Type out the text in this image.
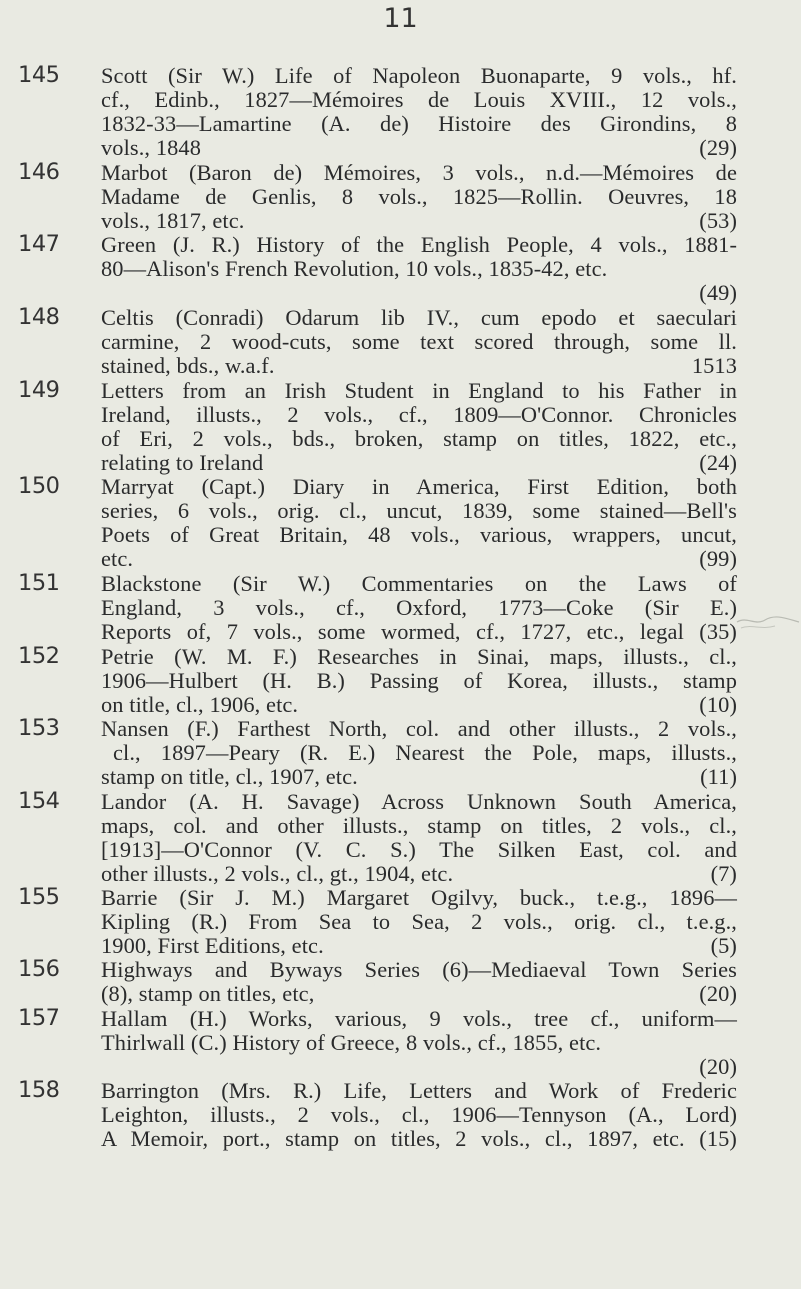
11
145 Scott (Sir W.) Life of Napoleon Buonaparte, 9 vols., hf.
cf., Edinb., 1827—Mémoires de Louis XVIII., 12 vols.,
1832-33—Lamartine (A. de) Histoire des Girondins, 8
vols., 1848	(29)
146 Marbot (Baron de) Mémoires, 3 vols., n.d.—Mémoires de
Madame de Genlis, 8 vols., 1825—Rollin. Oeuvres, 18
vols., 1817, etc.	(53)
147 Green (J. R.) History of the English People, 4 vols., 1881-
80—Alison's French Revolution, 10 vols., 1835-42, etc.
(49)
148 Celtis (Conradi) Odarum lib IV., cum epodo et saeculari
carmine, 2 wood-cuts, some text scored through, some ll.
stained, bds., w.a.f.	1513
149 Letters from an Irish Student in England to his Father in
Ireland, illusts., 2 vols., cf., 1809—O'Connor. Chronicles
of Eri, 2 vols., bds., broken, stamp on titles, 1822, etc.,
relating to Ireland	(24)
150 Marryat (Capt.) Diary in America, First Edition, both
series, 6 vols., orig. cl., uncut, 1839, some stained—Bell's
Poets of Great Britain, 48 vols., various, wrappers, uncut,
etc.	(99)
151 Blackstone (Sir W.) Commentaries on the Laws of
England, 3 vols., cf., Oxford, 1773—Coke (Sir E.)
Reports of, 7 vols., some wormed, cf., 1727, etc., legal (35)
152 Petrie (W. M. F.) Researches in Sinai, maps, illusts., cl.,
1906—Hulbert (H. B.) Passing of Korea, illusts., stamp
on title, cl., 1906, etc.	(10)
153 Nansen (F.) Farthest North, col. and other illusts., 2 vols.,
cl., 1897—Peary (R. E.) Nearest the Pole, maps, illusts.,
stamp on title, cl., 1907, etc.	(11)
154 Landor (A. H. Savage) Across Unknown South America,
maps, col. and other illusts., stamp on titles, 2 vols., cl.,
[1913]—O'Connor (V. C. S.) The Silken East, col. and
other illusts., 2 vols., cl., gt., 1904, etc.	(7)
155 Barrie (Sir J. M.) Margaret Ogilvy, buck., t.e.g., 1896—
Kipling (R.) From Sea to Sea, 2 vols., orig. cl., t.e.g.,
1900, First Editions, etc.	(5)
156 Highways and Byways Series (6)—Mediaeval Town Series
(8), stamp on titles, etc,	(20)
157 Hallam (H.) Works, various, 9 vols., tree cf., uniform—
Thirlwall (C.) History of Greece, 8 vols., cf., 1855, etc.
(20)
158 Barrington (Mrs. R.) Life, Letters and Work of Frederic
Leighton, illusts., 2 vols., cl., 1906—Tennyson (A., Lord)
A Memoir, port., stamp on titles, 2 vols., cl., 1897, etc. (15)
